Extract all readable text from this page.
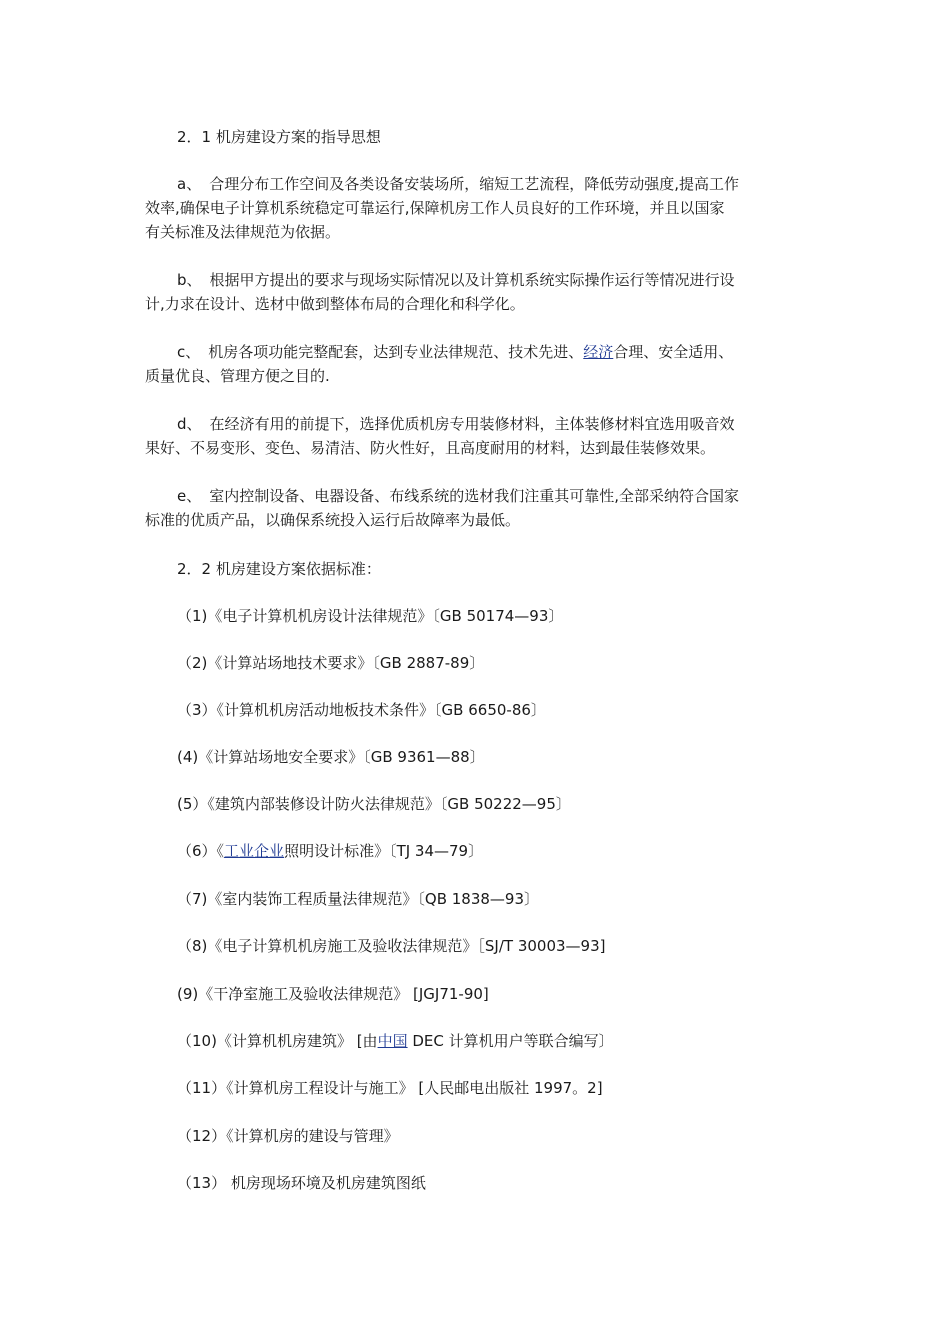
2．1 机房建设方案的指导思想
a、 合理分布工作空间及各类设备安装场所，缩短工艺流程，降低劳动强度,提高工作
效率,确保电子计算机系统稳定可靠运行,保障机房工作人员良好的工作环境，并且以国家
有关标准及法律规范为依据。
b、 根据甲方提出的要求与现场实际情况以及计算机系统实际操作运行等情况进行设
计,力求在设计、选材中做到整体布局的合理化和科学化。
c、 机房各项功能完整配套，达到专业法律规范、技术先进、经济合理、安全适用、
质量优良、管理方便之目的.
d、 在经济有用的前提下，选择优质机房专用装修材料，主体装修材料宜选用吸音效
果好、不易变形、变色、易清洁、防火性好，且高度耐用的材料，达到最佳装修效果。
e、 室内控制设备、电器设备、布线系统的选材我们注重其可靠性,全部采纳符合国家
标准的优质产品，以确保系统投入运行后故障率为最低。
2．2 机房建设方案依据标准：
（1)《电子计算机机房设计法律规范》〔GB 50174—93〕
（2)《计算站场地技术要求》〔GB 2887-89〕
（3）《计算机机房活动地板技术条件》〔GB 6650-86〕
(4)《计算站场地安全要求》〔GB 9361—88〕
(5）《建筑内部装修设计防火法律规范》〔GB 50222—95〕
（6）《工业企业照明设计标准》〔TJ 34—79〕
（7)《室内装饰工程质量法律规范》〔QB 1838—93〕
（8)《电子计算机机房施工及验收法律规范》［SJ/T 30003—93]
(9)《干净室施工及验收法律规范》 [JGJ71-90]
（10)《计算机机房建筑》 [由中国 DEC 计算机用户等联合编写〕
（11）《计算机房工程设计与施工》 [人民邮电出版社 1997。2]
（12）《计算机房的建设与管理》
（13） 机房现场环境及机房建筑图纸
